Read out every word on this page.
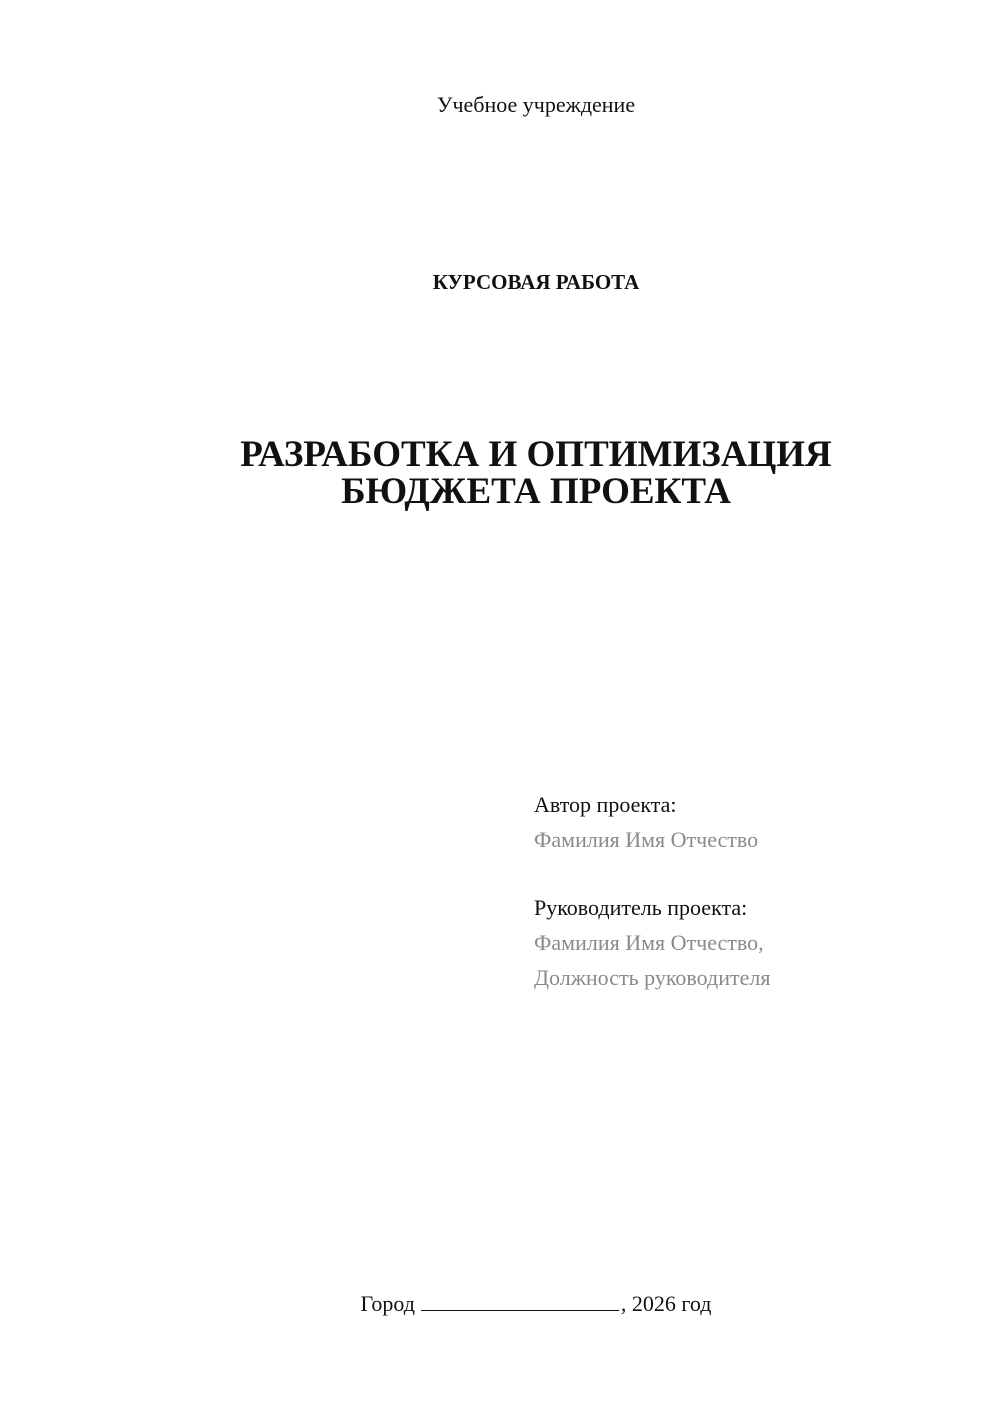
Учебное учреждение
КУРСОВАЯ РАБОТА
РАЗРАБОТКА И ОПТИМИЗАЦИЯ
БЮДЖЕТА ПРОЕКТА
Автор проекта:
Фамилия Имя Отчество
Руководитель проекта:
Фамилия Имя Отчество,
Должность руководителя
Город	, 2026 год
